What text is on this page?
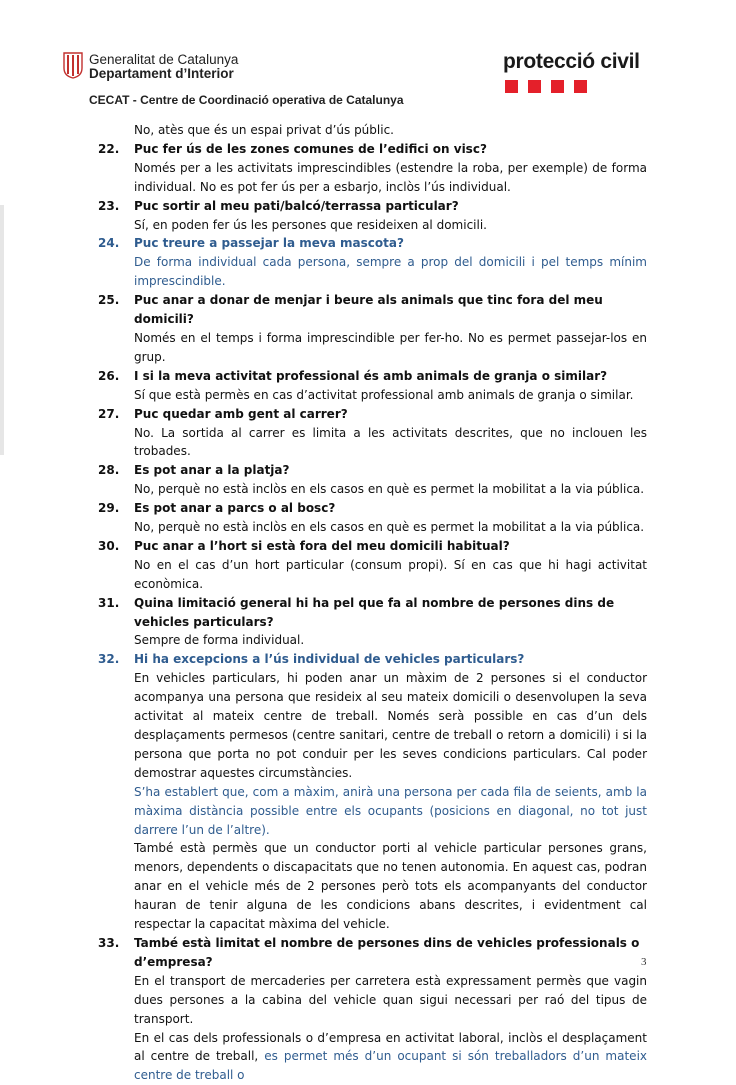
Generalitat de Catalunya
Departament d’Interior
protecció civil
CECAT - Centre de Coordinació operativa de Catalunya
No, atès que és un espai privat d’ús públic.
22.	Puc fer ús de les zones comunes de l’edifici on visc?
Només per a les activitats imprescindibles (estendre la roba, per exemple) de forma individual. No es pot fer ús per a esbarjo, inclòs l’ús individual.
23.	Puc sortir al meu pati/balcó/terrassa particular?
Sí, en poden fer ús les persones que resideixen al domicili.
24.	Puc treure a passejar la meva mascota?
De forma individual cada persona, sempre a prop del domicili i pel temps mínim imprescindible.
25.	Puc anar a donar de menjar i beure als animals que tinc fora del meu domicili?
Només en el temps i forma imprescindible per fer-ho. No es permet passejar-los en grup.
26.	I si la meva activitat professional és amb animals de granja o similar?
Sí que està permès en cas d’activitat professional amb animals de granja o similar.
27.	Puc quedar amb gent al carrer?
No. La sortida al carrer es limita a les activitats descrites, que no inclouen les trobades.
28.	Es pot anar a la platja?
No, perquè no està inclòs en els casos en què es permet la mobilitat a la via pública.
29.	Es pot anar a parcs o al bosc?
No, perquè no està inclòs en els casos en què es permet la mobilitat a la via pública.
30.	Puc anar a l’hort si està fora del meu domicili habitual?
No en el cas d’un hort particular (consum propi). Sí en cas que hi hagi activitat econòmica.
31.	Quina limitació general hi ha pel que fa al nombre de persones dins de vehicles particulars?
Sempre de forma individual.
32.	Hi ha excepcions a l’ús individual de vehicles particulars?
En vehicles particulars, hi poden anar un màxim de 2 persones si el conductor acompanya una persona que resideix al seu mateix domicili o desenvolupen la seva activitat al mateix centre de treball. Només serà possible en cas d’un dels desplaçaments permesos (centre sanitari, centre de treball o retorn a domicili) i si la persona que porta no pot conduir per les seves condicions particulars. Cal poder demostrar aquestes circumstàncies.
S’ha establert que, com a màxim, anirà una persona per cada fila de seients, amb la màxima distància possible entre els ocupants (posicions en diagonal, no tot just darrere l’un de l’altre).
També està permès que un conductor porti al vehicle particular persones grans, menors, dependents o discapacitats que no tenen autonomia. En aquest cas, podran anar en el vehicle més de 2 persones però tots els acompanyants del conductor hauran de tenir alguna de les condicions abans descrites, i evidentment cal respectar la capacitat màxima del vehicle.
33.	També està limitat el nombre de persones dins de vehicles professionals o d’empresa?
En el transport de mercaderies per carretera està expressament permès que vagin dues persones a la cabina del vehicle quan sigui necessari per raó del tipus de transport.
En el cas dels professionals o d’empresa en activitat laboral, inclòs el desplaçament al centre de treball, es permet més d’un ocupant si són treballadors d’un mateix centre de treball o
3
